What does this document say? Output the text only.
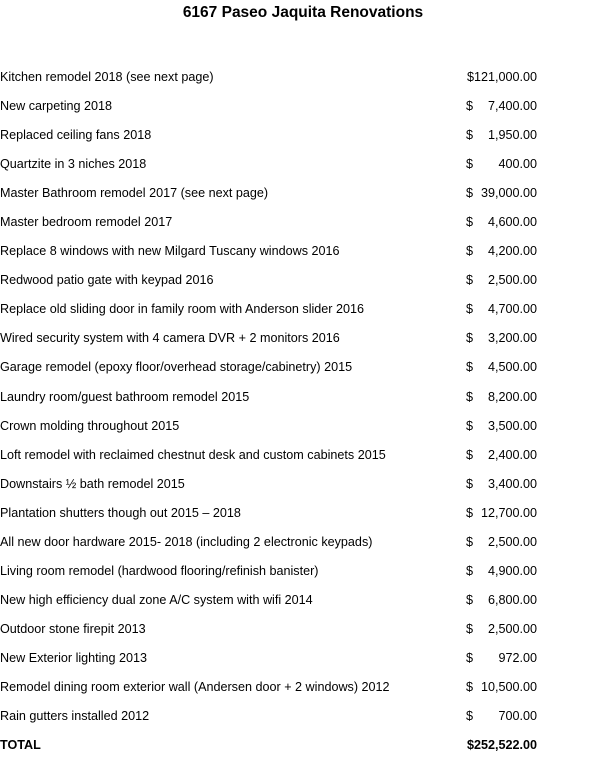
6167 Paseo Jaquita Renovations
Kitchen remodel 2018 (see next page)	$121,000.00
New carpeting 2018	$ 7,400.00
Replaced ceiling fans 2018	$ 1,950.00
Quartzite in 3 niches 2018	$ 400.00
Master Bathroom remodel 2017 (see next page)	$ 39,000.00
Master bedroom remodel 2017	$ 4,600.00
Replace 8 windows with new Milgard Tuscany windows 2016	$ 4,200.00
Redwood patio gate with keypad 2016	$ 2,500.00
Replace old sliding door in family room with Anderson slider 2016	$ 4,700.00
Wired security system with 4 camera DVR + 2 monitors 2016	$ 3,200.00
Garage remodel (epoxy floor/overhead storage/cabinetry) 2015	$ 4,500.00
Laundry room/guest bathroom remodel 2015	$ 8,200.00
Crown molding throughout 2015	$ 3,500.00
Loft remodel with reclaimed chestnut desk and custom cabinets 2015	$ 2,400.00
Downstairs ½ bath remodel 2015	$ 3,400.00
Plantation shutters though out 2015 – 2018	$ 12,700.00
All new door hardware 2015- 2018 (including 2 electronic keypads)	$ 2,500.00
Living room remodel (hardwood flooring/refinish banister)	$ 4,900.00
New high efficiency dual zone A/C system with wifi 2014	$ 6,800.00
Outdoor stone firepit 2013	$ 2,500.00
New Exterior lighting 2013	$ 972.00
Remodel dining room exterior wall (Andersen door + 2 windows) 2012	$ 10,500.00
Rain gutters installed 2012	$ 700.00
TOTAL	$252,522.00
